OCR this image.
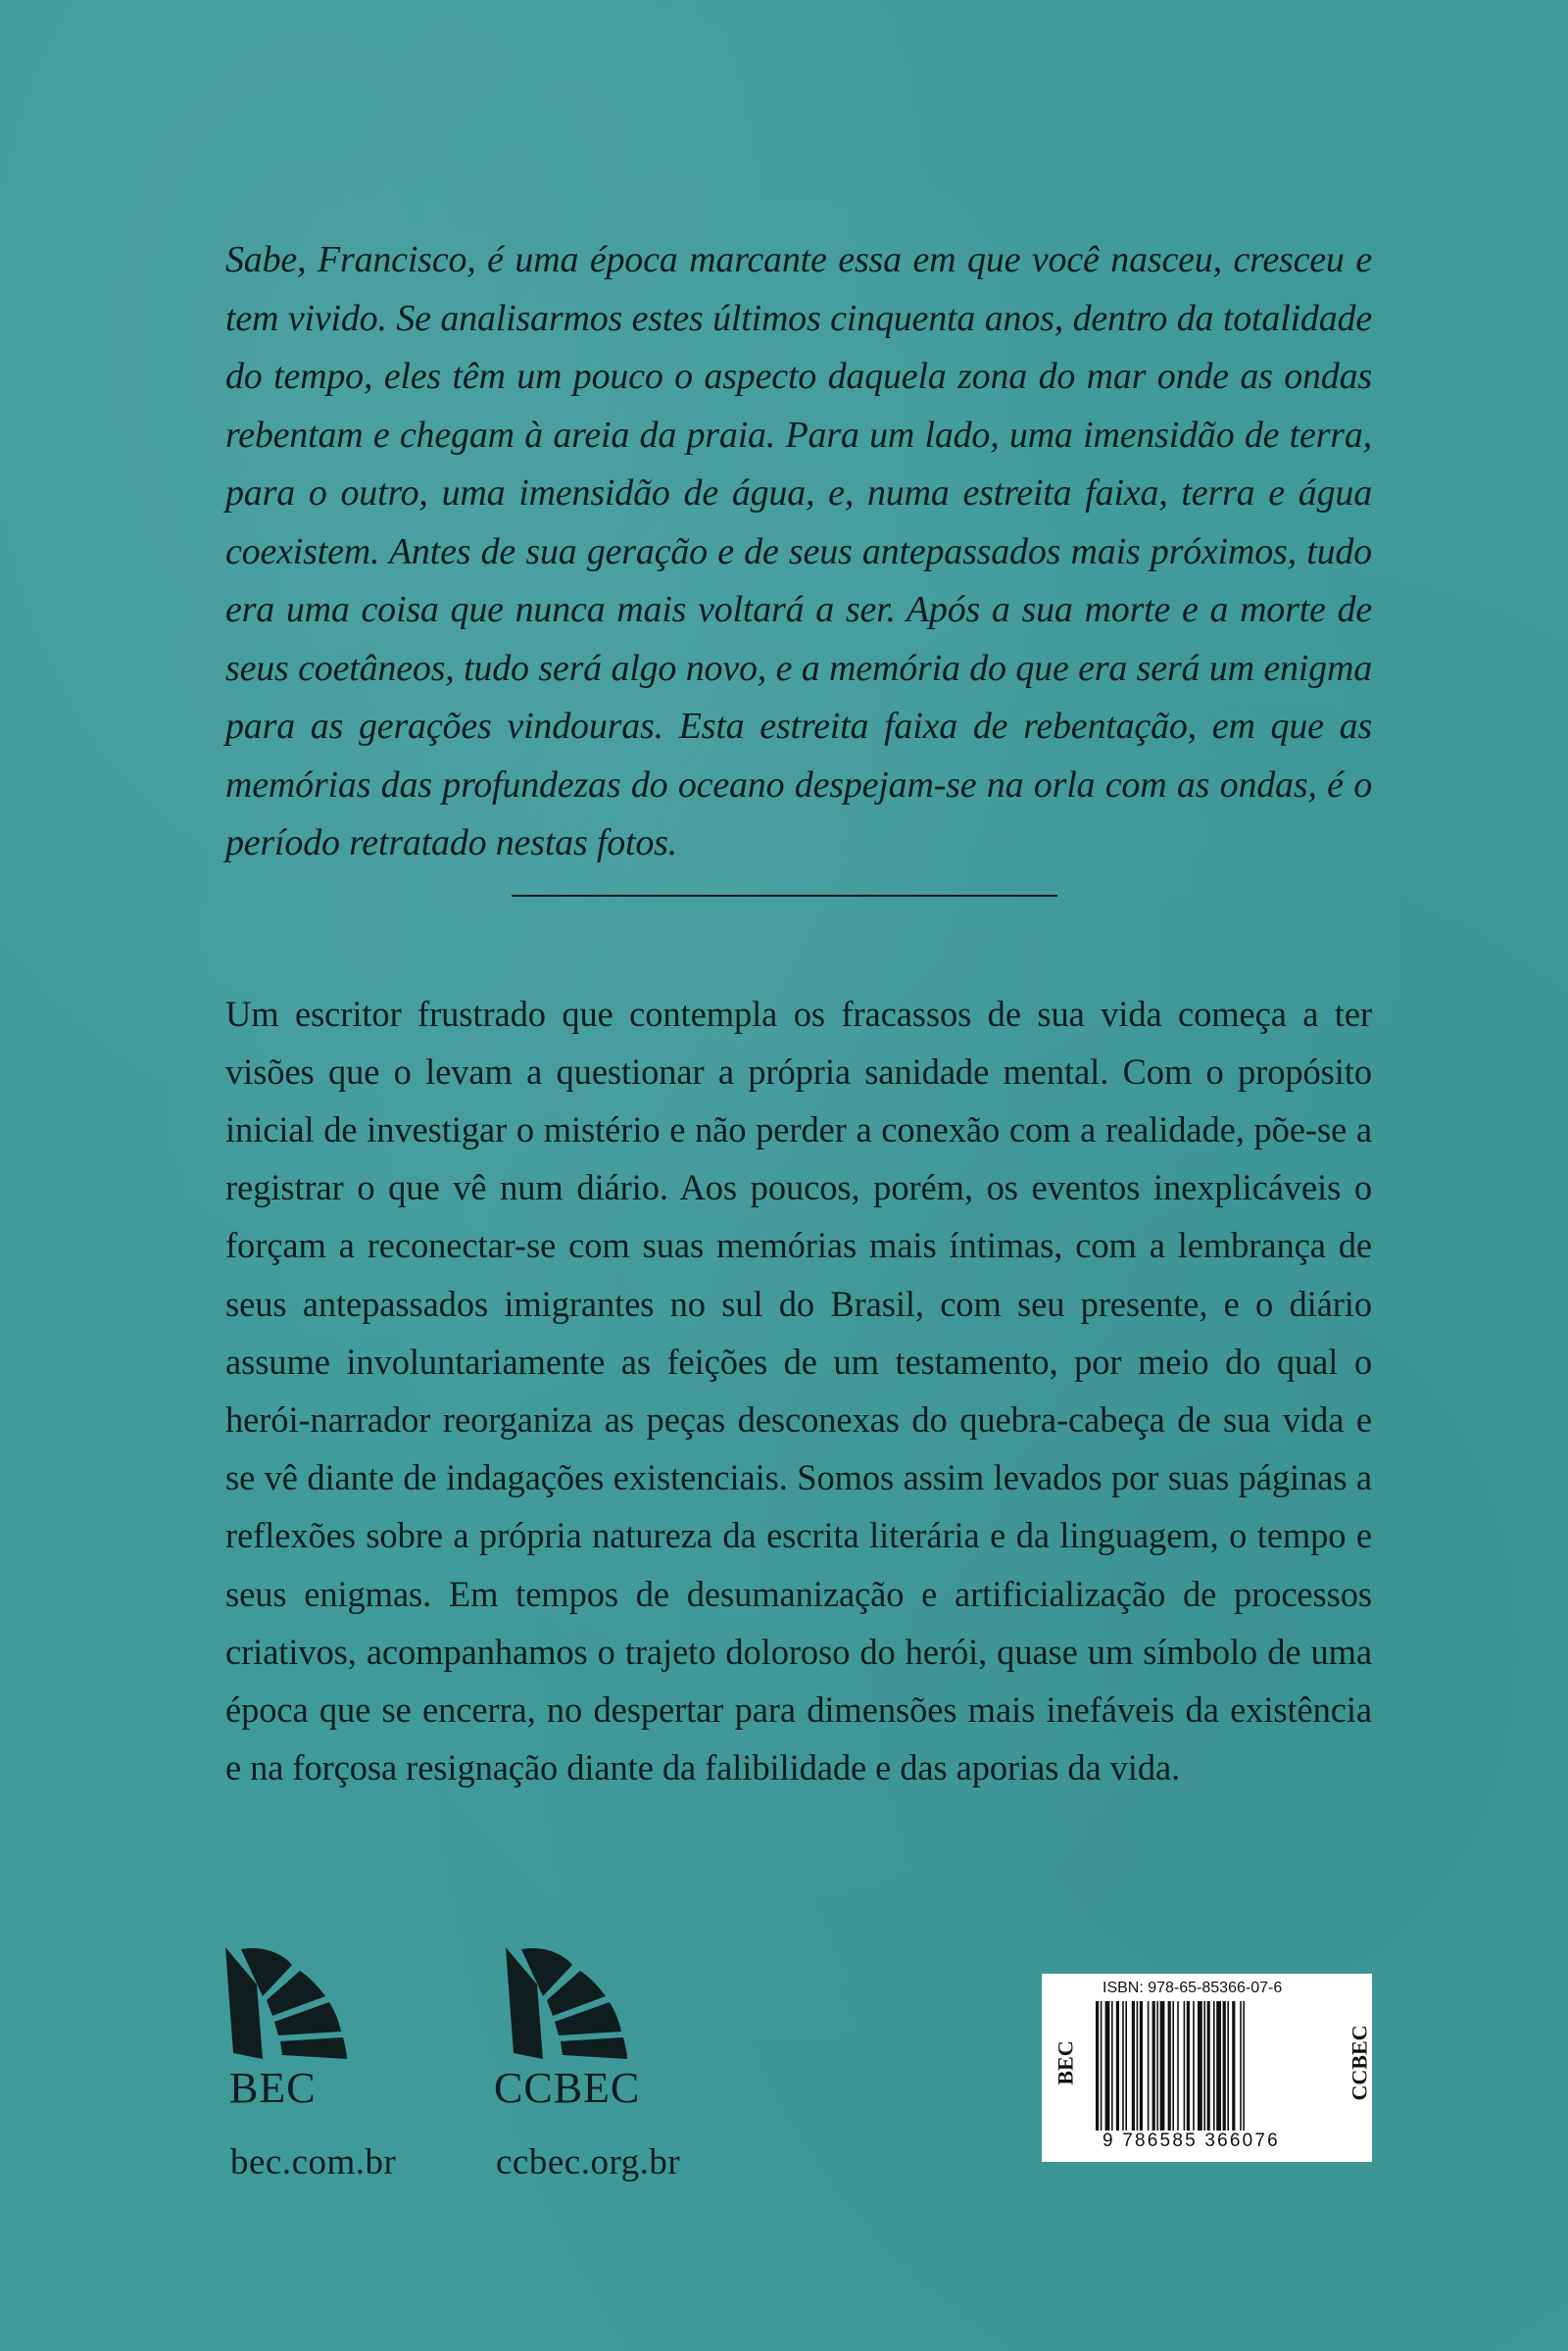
Sabe, Francisco, é uma época marcante essa em que você nasceu, cresceu e tem vivido. Se analisarmos estes últimos cinquenta anos, dentro da totalidade do tempo, eles têm um pouco o aspecto daquela zona do mar onde as ondas rebentam e chegam à areia da praia. Para um lado, uma imensidão de terra, para o outro, uma imensidão de água, e, numa estreita faixa, terra e água coexistem. Antes de sua geração e de seus antepassados mais próximos, tudo era uma coisa que nunca mais voltará a ser. Após a sua morte e a morte de seus coetâneos, tudo será algo novo, e a memória do que era será um enigma para as gerações vindouras. Esta estreita faixa de rebentação, em que as memórias das profundezas do oceano despejam-se na orla com as ondas, é o período retratado nestas fotos.

Um escritor frustrado que contempla os fracassos de sua vida começa a ter visões que o levam a questionar a própria sanidade mental. Com o propósito inicial de investigar o mistério e não perder a conexão com a realidade, põe-se a registrar o que vê num diário. Aos poucos, porém, os eventos inexplicáveis o forçam a reconectar-se com suas memórias mais íntimas, com a lembrança de seus antepassados imigrantes no sul do Brasil, com seu presente, e o diário assume involuntariamente as feições de um testamento, por meio do qual o herói-narrador reorganiza as peças desconexas do quebra-cabeça de sua vida e se vê diante de indagações existenciais. Somos assim levados por suas páginas a reflexões sobre a própria natureza da escrita literária e da linguagem, o tempo e seus enigmas. Em tempos de desumanização e artificialização de processos criativos, acompanhamos o trajeto doloroso do herói, quase um símbolo de uma época que se encerra, no despertar para dimensões mais inefáveis da existência e na forçosa resignação diante da falibilidade e das aporias da vida.

BEC	CCBEC
bec.com.br	ccbec.org.br
ISBN: 978-65-85366-07-6
BEC	CCBEC
9 786585 366076
